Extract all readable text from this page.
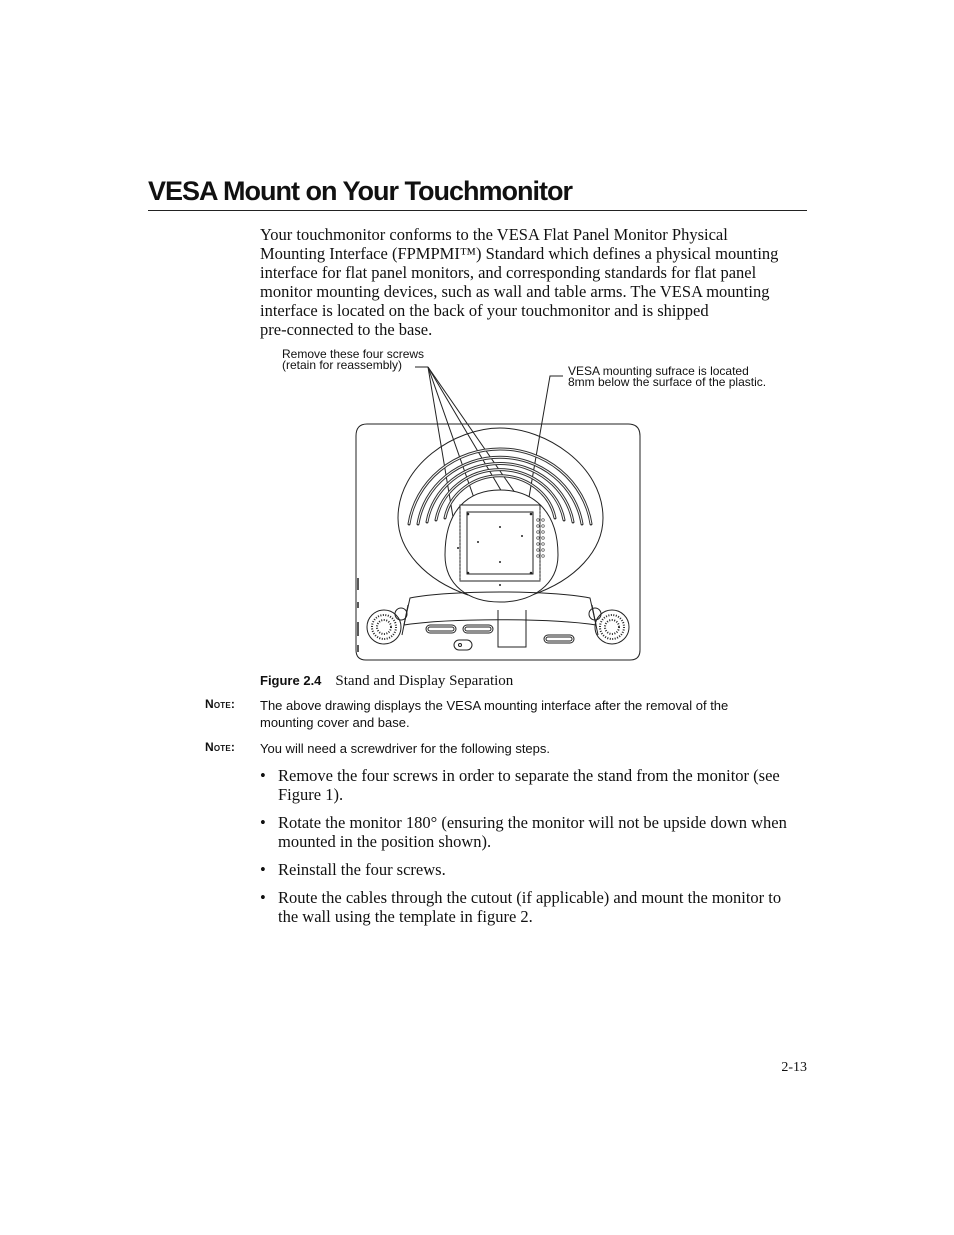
VESA Mount on Your Touchmonitor

Your touchmonitor conforms to the VESA Flat Panel Monitor Physical
Mounting Interface (FPMPMI™) Standard which defines a physical mounting
interface for flat panel monitors, and corresponding standards for flat panel
monitor mounting devices, such as wall and table arms. The VESA mounting
interface is located on the back of your touchmonitor and is shipped
pre-connected to the base.

Remove these four screws
(retain for reassembly)	VESA mounting sufrace is located
8mm below the surface of the plastic.
Figure 2.4 Stand and Display Separation
Note: The above drawing displays the VESA mounting interface after the removal of the
mounting cover and base.
Note: You will need a screwdriver for the following steps.
• Remove the four screws in order to separate the stand from the monitor (see
Figure 1).
• Rotate the monitor 180° (ensuring the monitor will not be upside down when
mounted in the position shown).
• Reinstall the four screws.
• Route the cables through the cutout (if applicable) and mount the monitor to
the wall using the template in figure 2.
2-13
